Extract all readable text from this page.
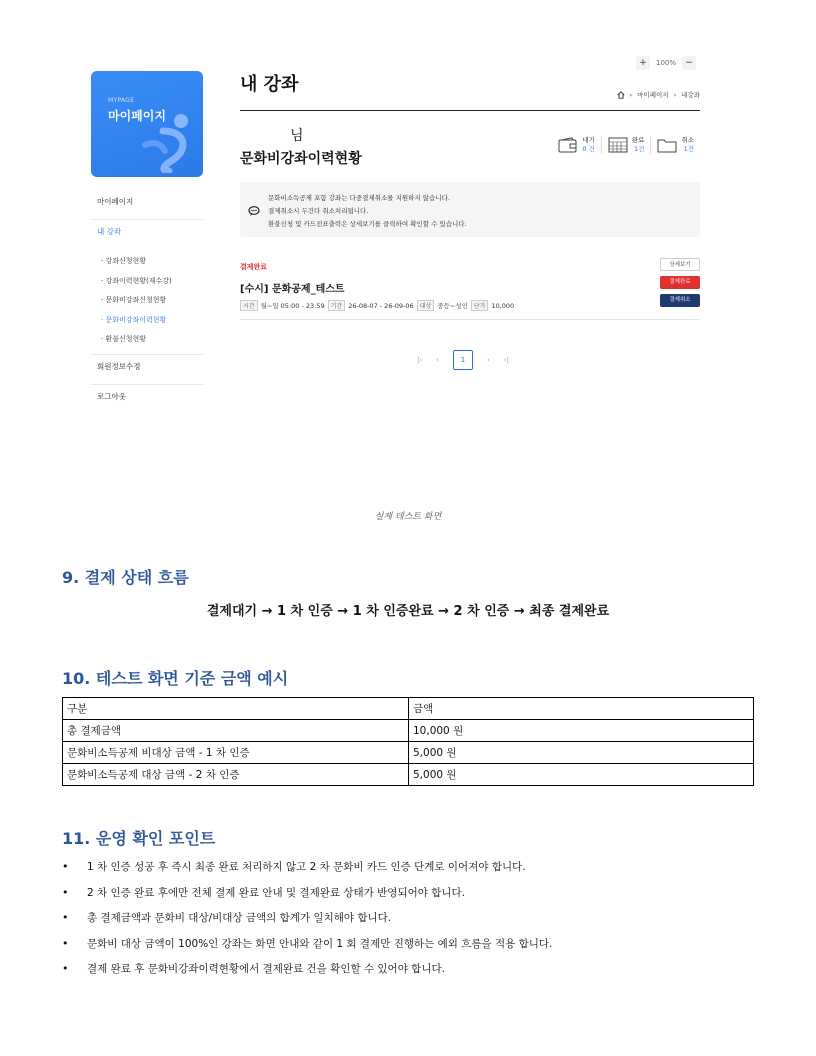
+	100%	−
MYPAGE
마이페이지
마이페이지
내 강좌
· 강좌신청현황
· 강좌이력현황(재수강)
· 문화비강좌신청현황
· 문화비강좌이력현황
· 환불신청현황
회원정보수정
로그아웃
내 강좌	› 마이페이지 › 내강좌
님
문화비강좌이력현황
대기
0 건
완료
1건
취소
1건
문화비소득공제 포함 강좌는 다중결제취소를 지원하지 않습니다.
결제취소시 두건다 취소처리됩니다.
환불신청 및 카드전표출력은 상세보기를 클릭하여 확인할 수 있습니다.
결제완료
[수시] 문화공제_테스트
시간 월~일 05:00 - 23:59	기간 26-08-07 - 26-09-06	대상 중등~성인	단가 10,000
상세보기
결제완료
결제취소
|‹ ‹	1	› ›|
실제 테스트 화면
9. 결제 상태 흐름
결제대기 → 1 차 인증 → 1 차 인증완료 → 2 차 인증 → 최종 결제완료
10. 테스트 화면 기준 금액 예시
구분	금액
총 결제금액	10,000 원
문화비소득공제 비대상 금액 - 1 차 인증	5,000 원
문화비소득공제 대상 금액 - 2 차 인증	5,000 원
11. 운영 확인 포인트
• 1 차 인증 성공 후 즉시 최종 완료 처리하지 않고 2 차 문화비 카드 인증 단계로 이어져야 합니다.
• 2 차 인증 완료 후에만 전체 결제 완료 안내 및 결제완료 상태가 반영되어야 합니다.
• 총 결제금액과 문화비 대상/비대상 금액의 합계가 일치해야 합니다.
• 문화비 대상 금액이 100%인 강좌는 화면 안내와 같이 1 회 결제만 진행하는 예외 흐름을 적용 합니다.
• 결제 완료 후 문화비강좌이력현황에서 결제완료 건을 확인할 수 있어야 합니다.
